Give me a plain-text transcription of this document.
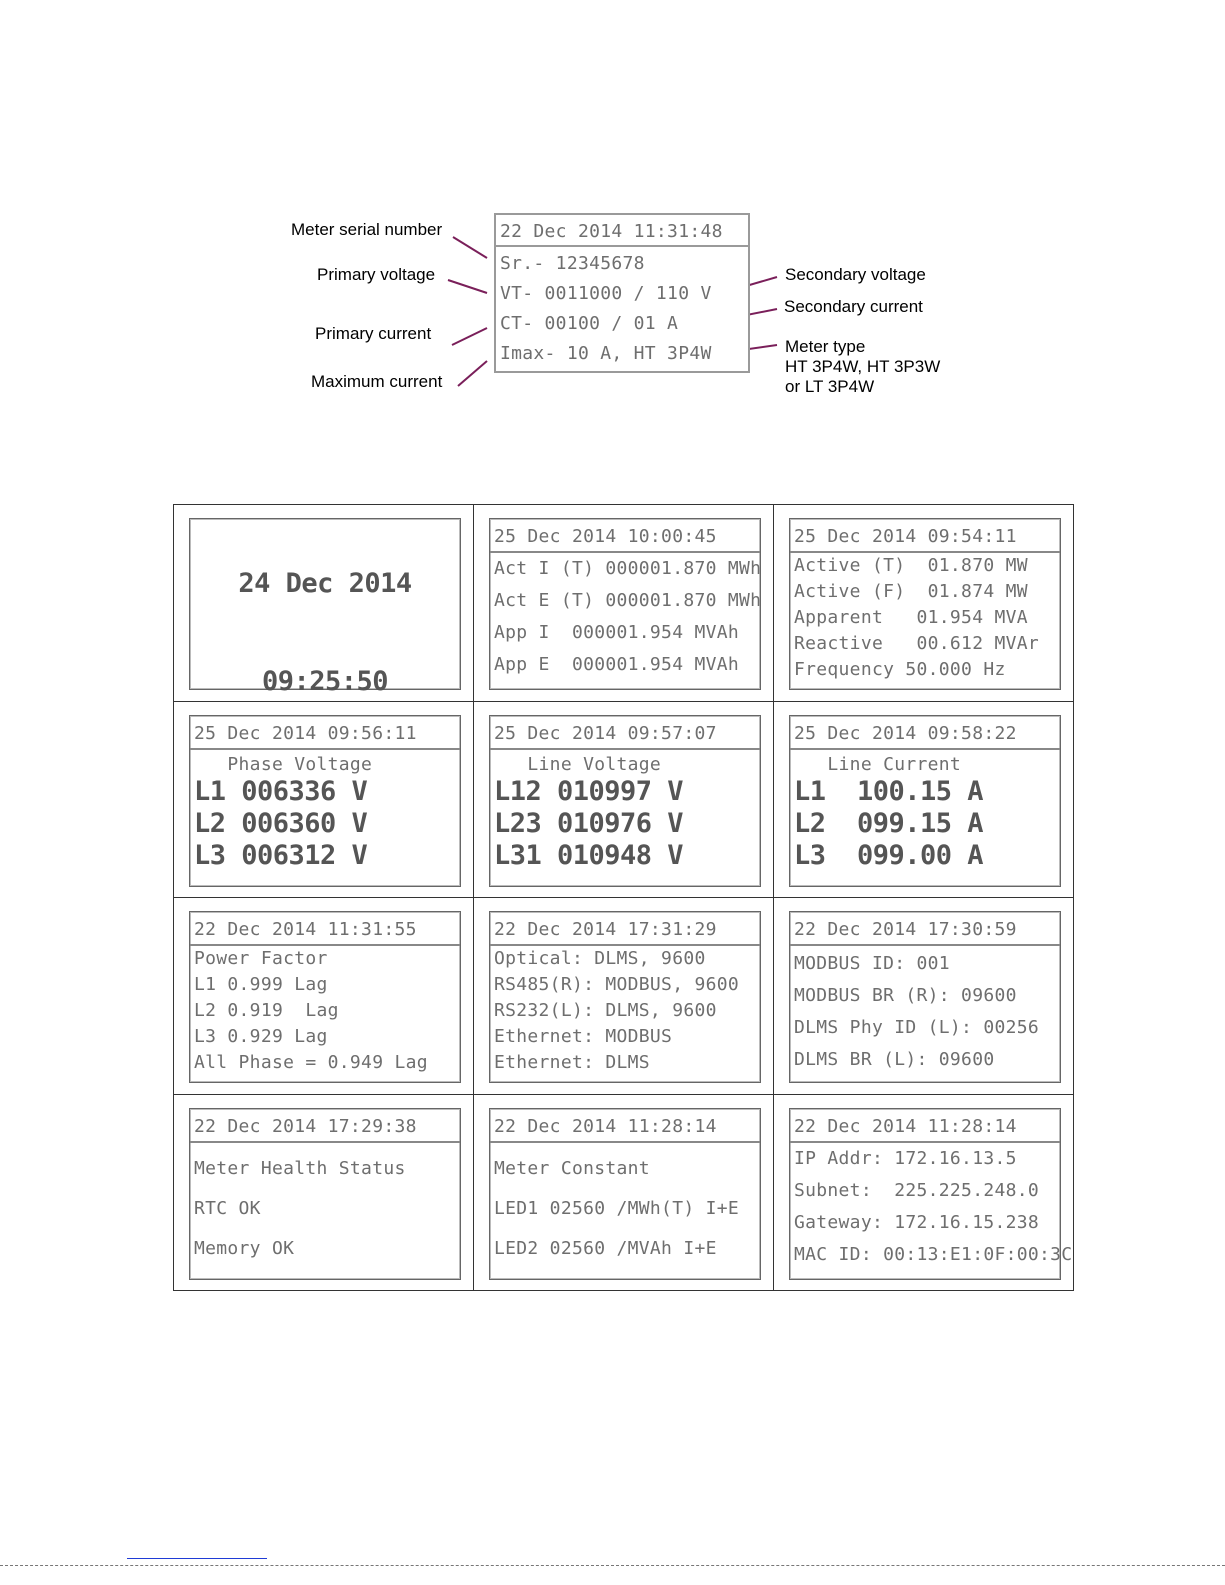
Meter serial number
Primary voltage
Primary current
Maximum current
Secondary voltage
Secondary current
Meter type
HT 3P4W, HT 3P3W
or LT 3P4W
22 Dec 2014 11:31:48
Sr.- 12345678
VT- 0011000 / 110 V
CT- 00100 / 01 A
Imax- 10 A, HT 3P4W
24 Dec 2014
09:25:50
25 Dec 2014 10:00:45
Act I (T) 000001.870 MWh
Act E (T) 000001.870 MWh
App I  000001.954 MVAh
App E  000001.954 MVAh
25 Dec 2014 09:54:11
Active (T)  01.870 MW
Active (F)  01.874 MW
Apparent   01.954 MVA
Reactive   00.612 MVAr
Frequency 50.000 Hz
25 Dec 2014 09:56:11
Phase Voltage
L1 006336 V
L2 006360 V
L3 006312 V
25 Dec 2014 09:57:07
Line Voltage
L12 010997 V
L23 010976 V
L31 010948 V
25 Dec 2014 09:58:22
Line Current
L1  100.15 A
L2  099.15 A
L3  099.00 A
22 Dec 2014 11:31:55
Power Factor
L1 0.999 Lag
L2 0.919  Lag
L3 0.929 Lag
All Phase = 0.949 Lag
22 Dec 2014 17:31:29
Optical: DLMS, 9600
RS485(R): MODBUS, 9600
RS232(L): DLMS, 9600
Ethernet: MODBUS
Ethernet: DLMS
22 Dec 2014 17:30:59
MODBUS ID: 001
MODBUS BR (R): 09600
DLMS Phy ID (L): 00256
DLMS BR (L): 09600
22 Dec 2014 17:29:38
Meter Health Status
RTC OK
Memory OK
22 Dec 2014 11:28:14
Meter Constant
LED1 02560 /MWh(T) I+E
LED2 02560 /MVAh I+E
22 Dec 2014 11:28:14
IP Addr: 172.16.13.5
Subnet:  225.225.248.0
Gateway: 172.16.15.238
MAC ID: 00:13:E1:0F:00:3C
